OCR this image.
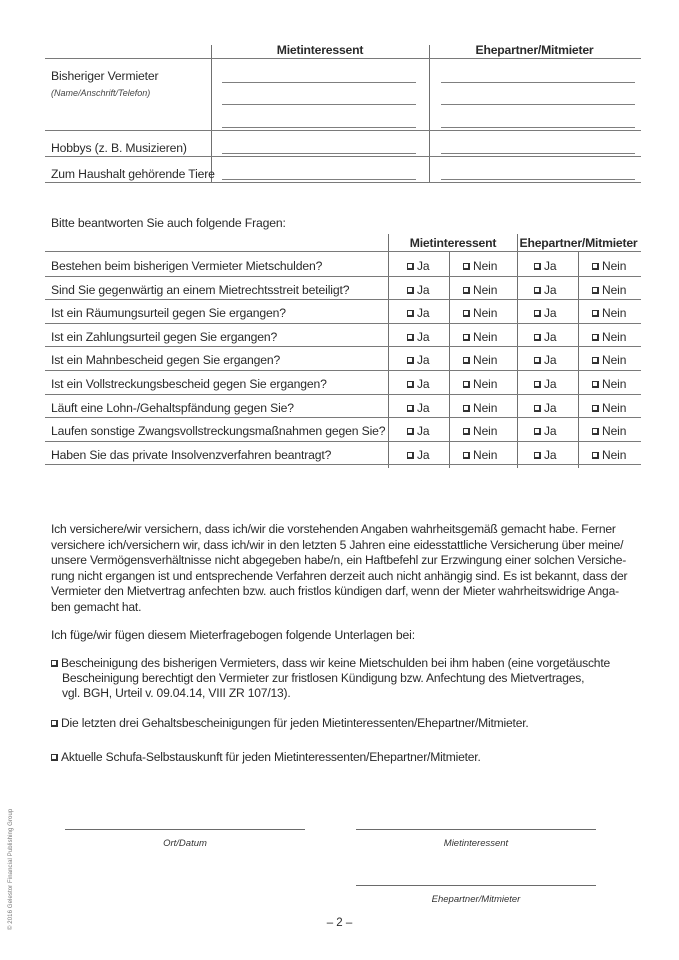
Mietinteressent	Ehepartner/Mitmieter
Bisheriger Vermieter
(Name/Anschrift/Telefon)
Hobbys (z. B. Musizieren)
Zum Haushalt gehörende Tiere
Bitte beantworten Sie auch folgende Fragen:
Mietinteressent	Ehepartner/Mitmieter
Bestehen beim bisherigen Vermieter Mietschulden?	Ja	Nein	Ja	Nein
Sind Sie gegenwärtig an einem Mietrechtsstreit beteiligt?	Ja	Nein	Ja	Nein
Ist ein Räumungsurteil gegen Sie ergangen?	Ja	Nein	Ja	Nein
Ist ein Zahlungsurteil gegen Sie ergangen?	Ja	Nein	Ja	Nein
Ist ein Mahnbescheid gegen Sie ergangen?	Ja	Nein	Ja	Nein
Ist ein Vollstreckungsbescheid gegen Sie ergangen?	Ja	Nein	Ja	Nein
Läuft eine Lohn-/Gehaltspfändung gegen Sie?	Ja	Nein	Ja	Nein
Laufen sonstige Zwangsvollstreckungsmaßnahmen gegen Sie?	Ja	Nein	Ja	Nein
Haben Sie das private Insolvenzverfahren beantragt?	Ja	Nein	Ja	Nein
Ich versichere/wir versichern, dass ich/wir die vorstehenden Angaben wahrheitsgemäß gemacht habe. Ferner
versichere ich/versichern wir, dass ich/wir in den letzten 5 Jahren eine eidesstattliche Versicherung über meine/
unsere Vermögensverhältnisse nicht abgegeben habe/n, ein Haftbefehl zur Erzwingung einer solchen Versiche-
rung nicht ergangen ist und entsprechende Verfahren derzeit auch nicht anhängig sind. Es ist bekannt, dass der
Vermieter den Mietvertrag anfechten bzw. auch fristlos kündigen darf, wenn der Mieter wahrheitswidrige Anga-
ben gemacht hat.
Ich füge/wir fügen diesem Mieterfragebogen folgende Unterlagen bei:
Bescheinigung des bisherigen Vermieters, dass wir keine Mietschulden bei ihm haben (eine vorgetäuschte
Bescheinigung berechtigt den Vermieter zur fristlosen Kündigung bzw. Anfechtung des Mietvertrages,
vgl. BGH, Urteil v. 09.04.14, VIII ZR 107/13).
Die letzten drei Gehaltsbescheinigungen für jeden Mietinteressenten/Ehepartner/Mitmieter.
Aktuelle Schufa-Selbstauskunft für jeden Mietinteressenten/Ehepartner/Mitmieter.
Ort/Datum	Mietinteressent
Ehepartner/Mitmieter
– 2 –
© 2016 Gelestor Financial Publishing Group
